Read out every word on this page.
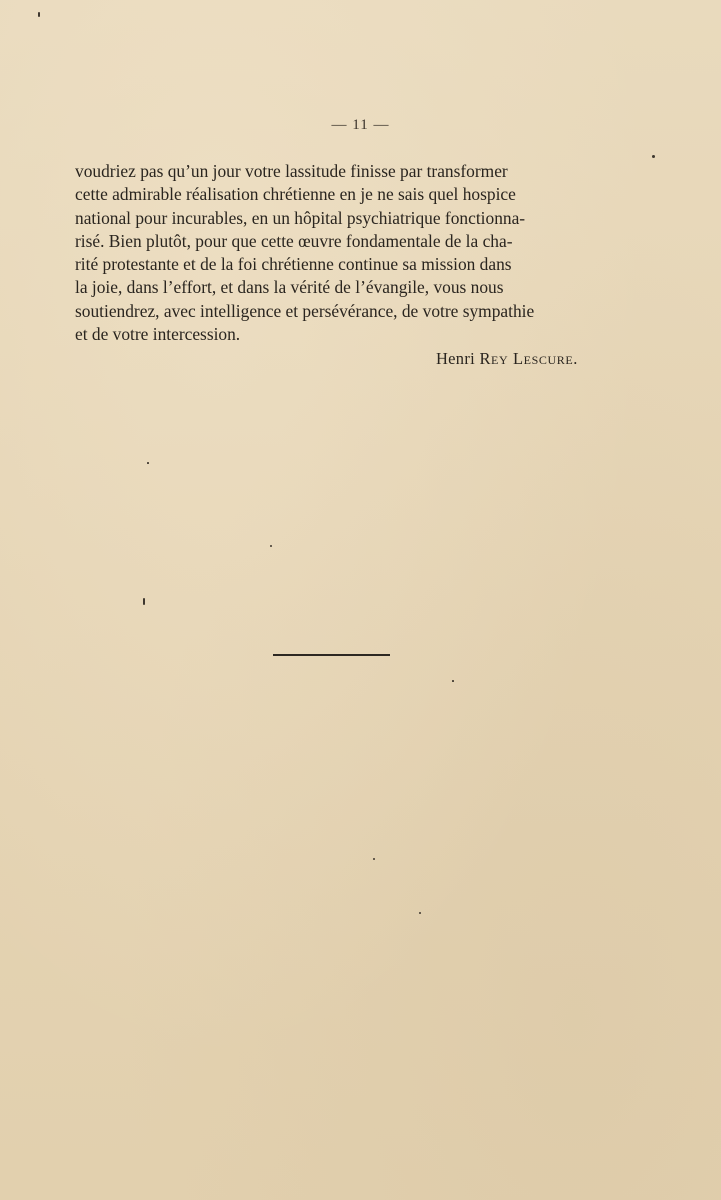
— 11 —
voudriez pas qu’un jour votre lassitude finisse par transformer
cette admirable réalisation chrétienne en je ne sais quel hospice
national pour incurables, en un hôpital psychiatrique fonctionna-
risé. Bien plutôt, pour que cette œuvre fondamentale de la cha-
rité protestante et de la foi chrétienne continue sa mission dans
la joie, dans l’effort, et dans la vérité de l’évangile, vous nous
soutiendrez, avec intelligence et persévérance, de votre sympathie
et de votre intercession.
Henri Rey Lescure.
